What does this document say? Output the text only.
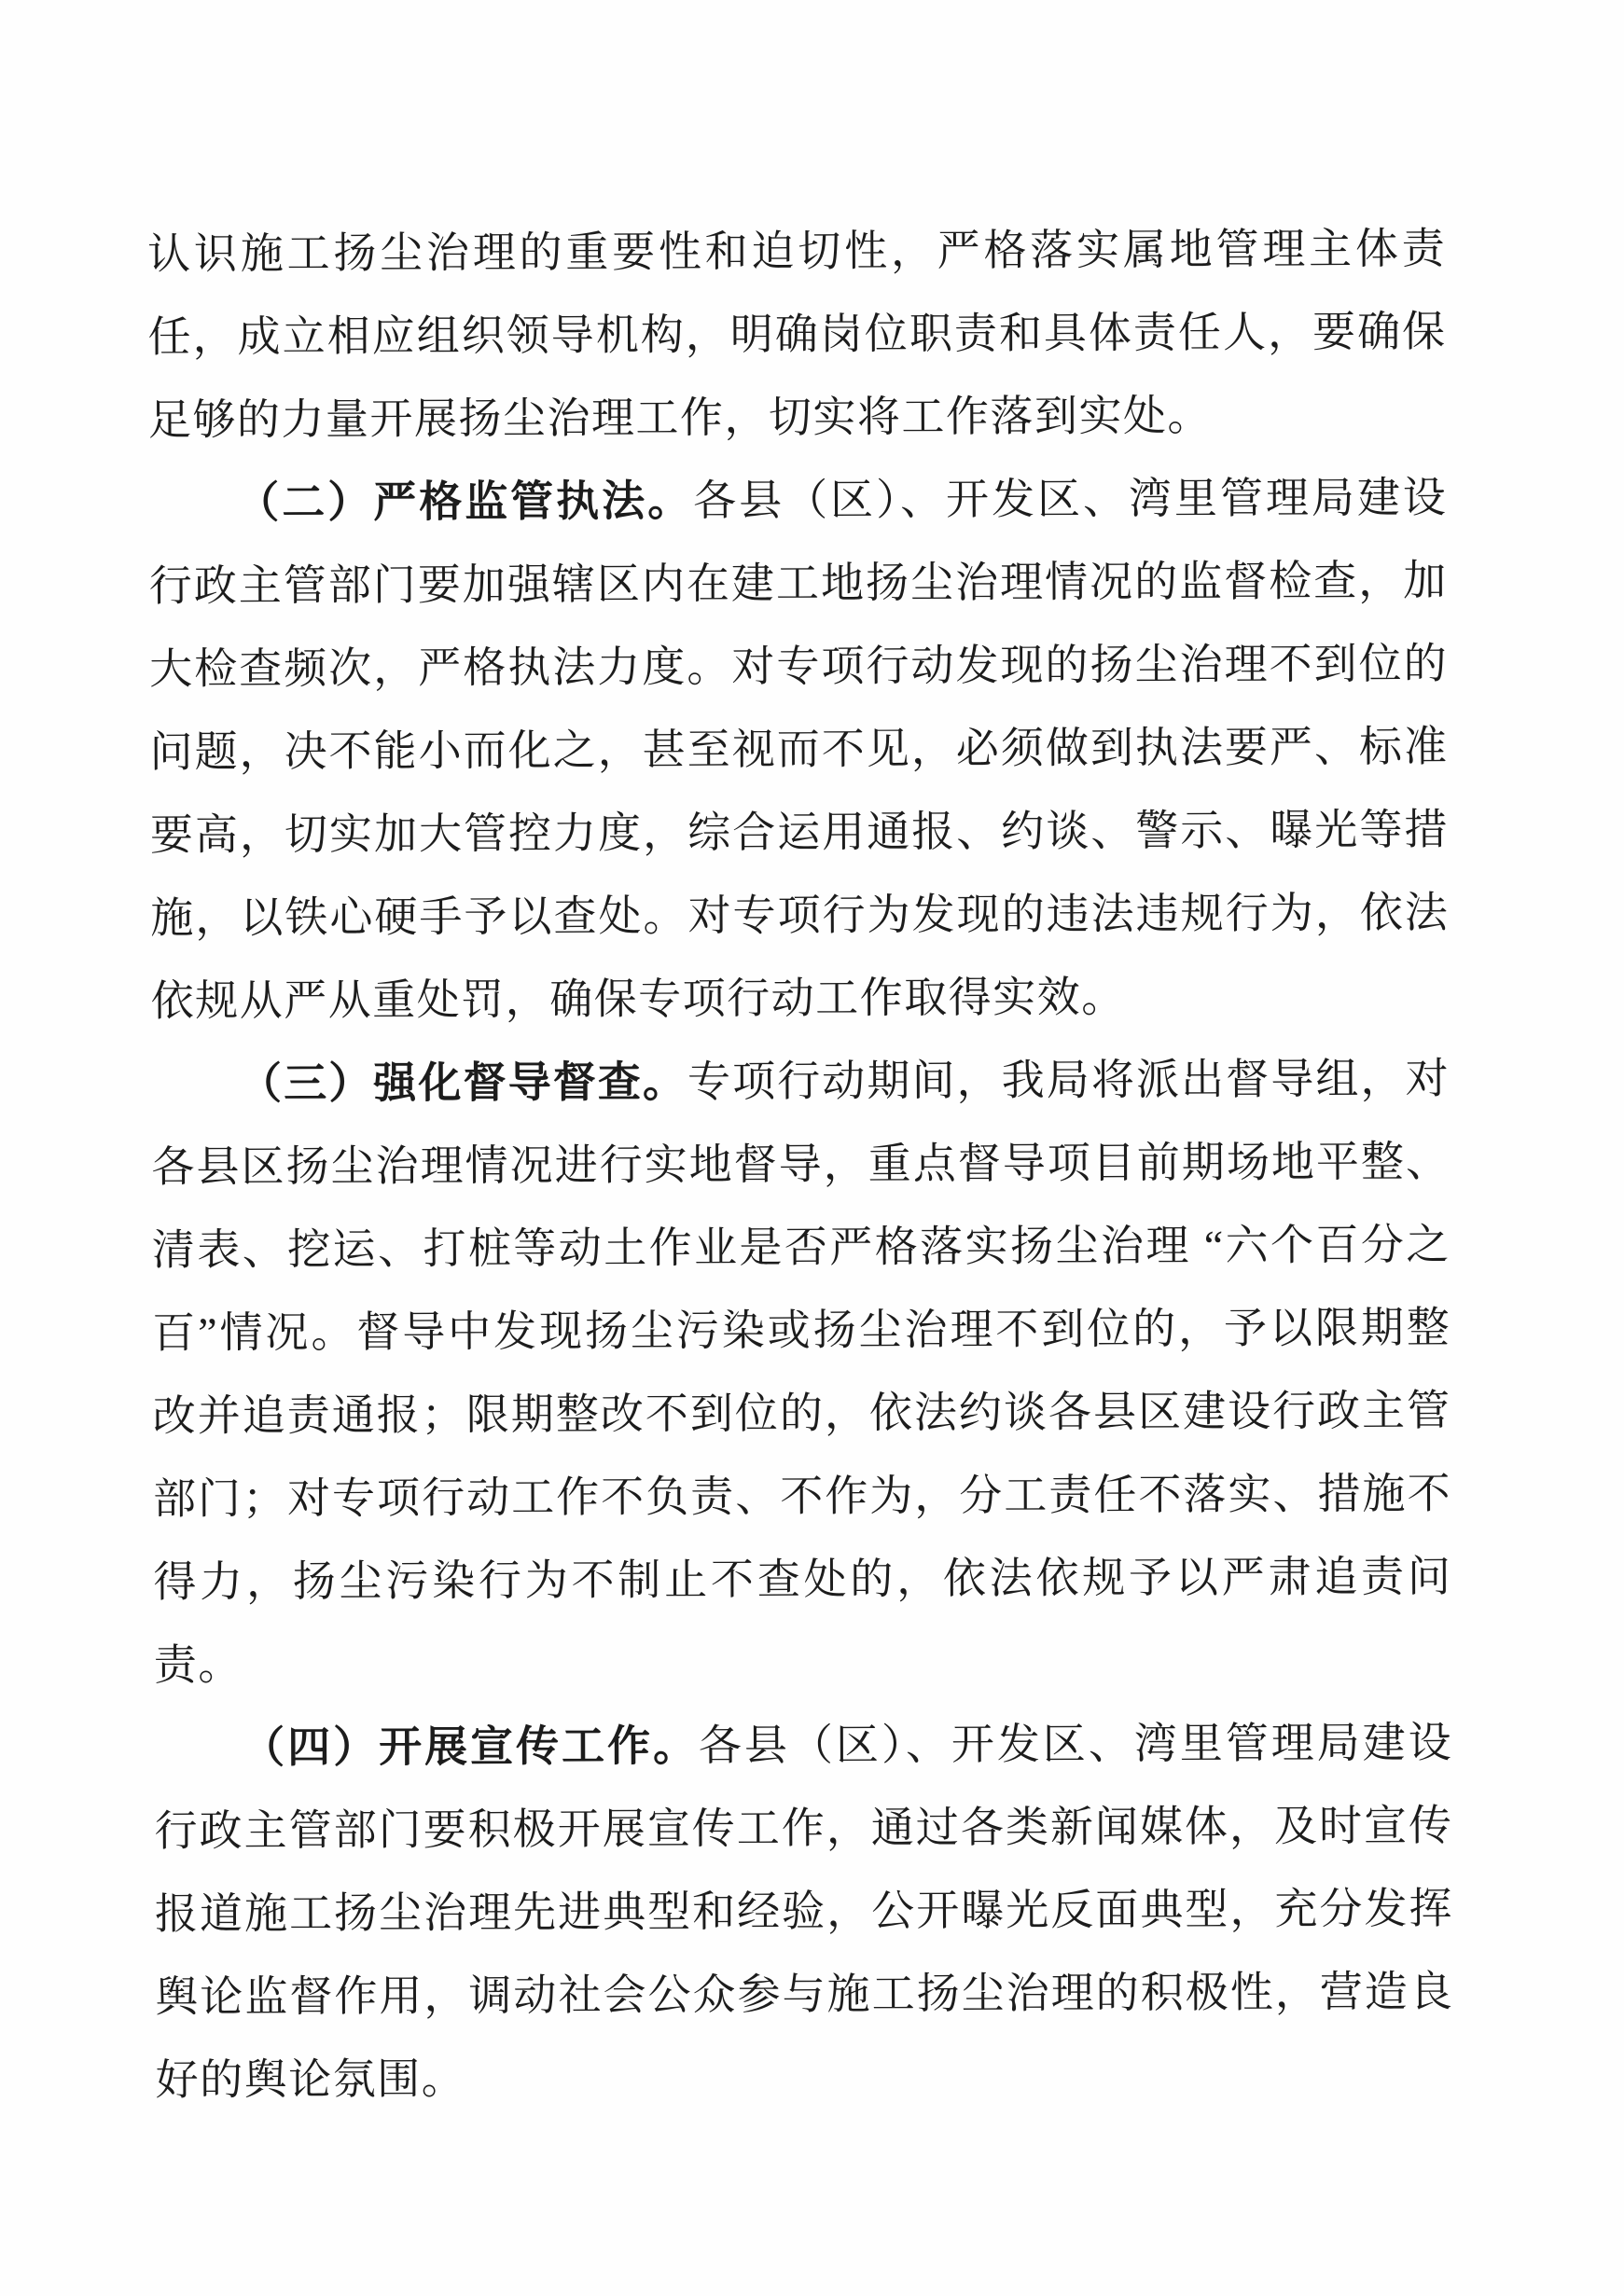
认识施工扬尘治理的重要性和迫切性，严格落实属地管理主体责任，成立相应组织领导机构，明确岗位职责和具体责任人，要确保足够的力量开展扬尘治理工作，切实将工作落到实处。

（二）严格监管执法。各县（区）、开发区、湾里管理局建设行政主管部门要加强辖区内在建工地扬尘治理情况的监督检查，加大检查频次，严格执法力度。对专项行动发现的扬尘治理不到位的问题，决不能小而化之，甚至视而不见，必须做到执法要严、标准要高，切实加大管控力度，综合运用通报、约谈、警示、曝光等措施，以铁心硬手予以查处。对专项行为发现的违法违规行为，依法依规从严从重处罚，确保专项行动工作取得实效。

（三）强化督导督查。专项行动期间，我局将派出督导组，对各县区扬尘治理情况进行实地督导，重点督导项目前期场地平整、清表、挖运、打桩等动土作业是否严格落实扬尘治理 “六个百分之百”情况。督导中发现扬尘污染或扬尘治理不到位的，予以限期整改并追责通报；限期整改不到位的，依法约谈各县区建设行政主管部门；对专项行动工作不负责、不作为，分工责任不落实、措施不得力，扬尘污染行为不制止不查处的，依法依规予以严肃追责问责。

（四）开展宣传工作。各县（区）、开发区、湾里管理局建设行政主管部门要积极开展宣传工作，通过各类新闻媒体，及时宣传报道施工扬尘治理先进典型和经验，公开曝光反面典型，充分发挥舆论监督作用，调动社会公众参与施工扬尘治理的积极性，营造良好的舆论氛围。
